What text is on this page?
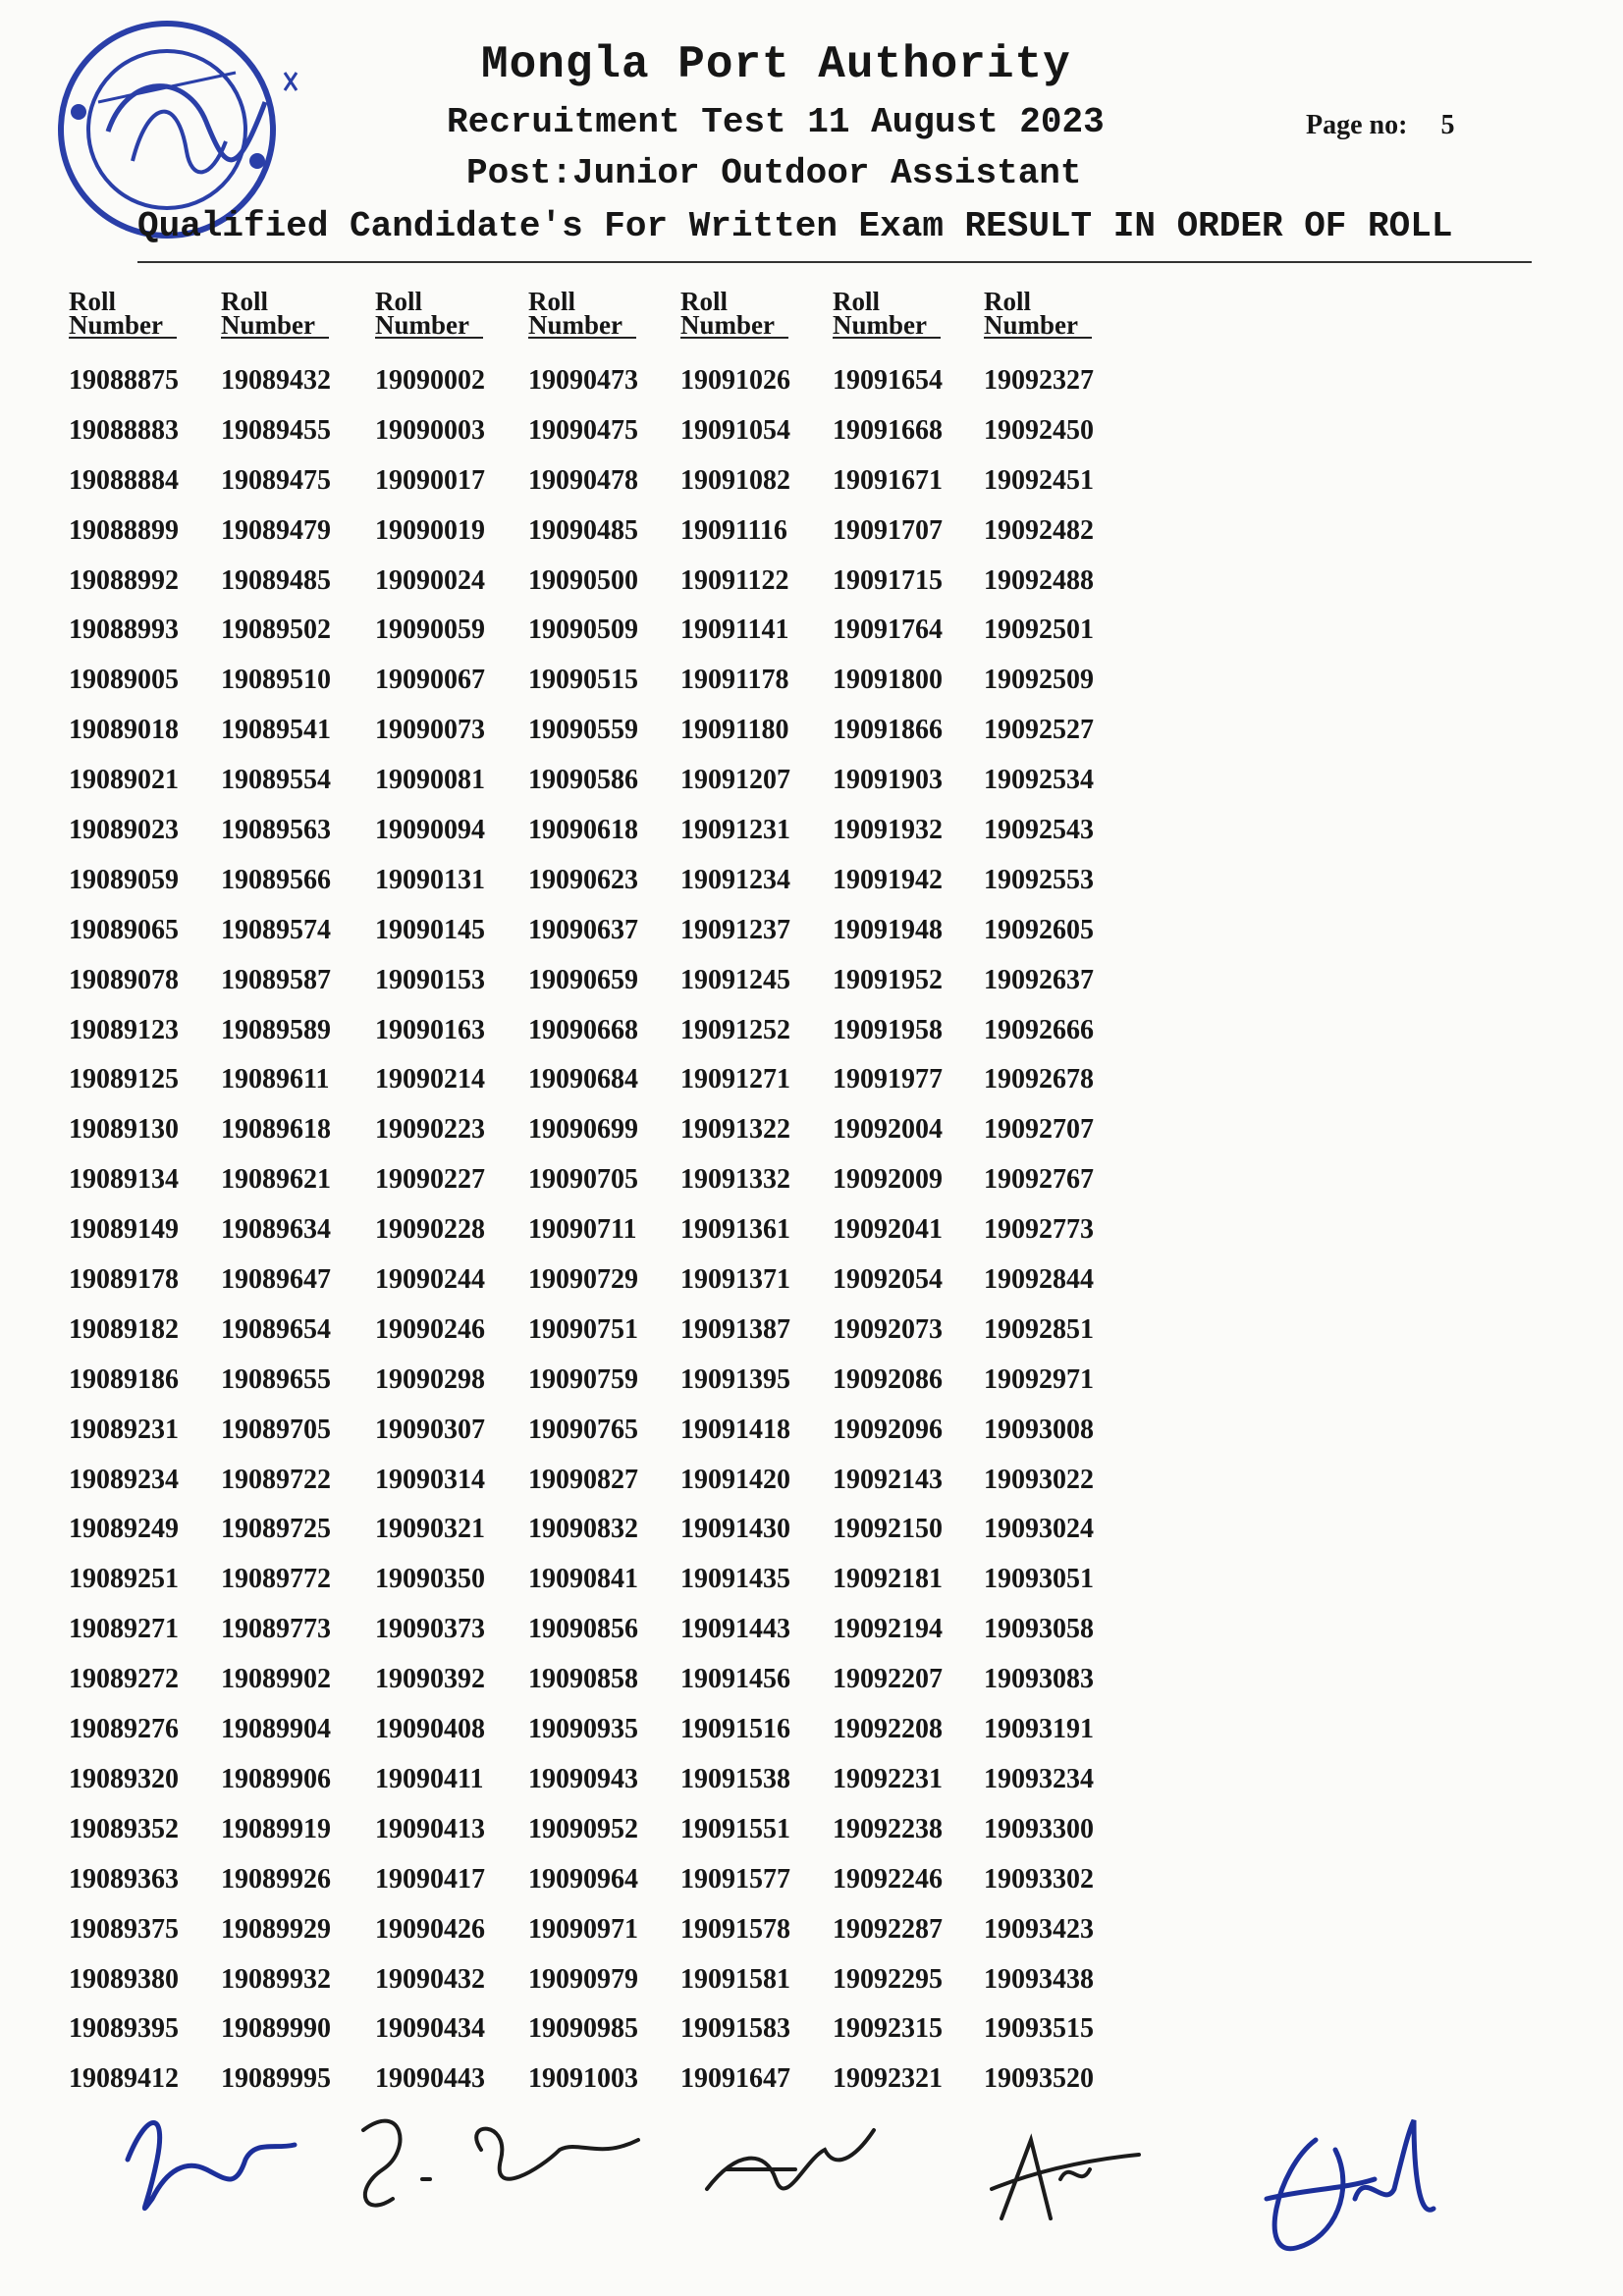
Mongla Port Authority
Recruitment Test 11 August 2023
Post:Junior Outdoor Assistant
Page no: 5
Qualified Candidate's For Written Exam RESULT IN ORDER OF ROLL
Roll
Number
19088875
19088883
19088884
19088899
19088992
19088993
19089005
19089018
19089021
19089023
19089059
19089065
19089078
19089123
19089125
19089130
19089134
19089149
19089178
19089182
19089186
19089231
19089234
19089249
19089251
19089271
19089272
19089276
19089320
19089352
19089363
19089375
19089380
19089395
19089412
Roll
Number
19089432
19089455
19089475
19089479
19089485
19089502
19089510
19089541
19089554
19089563
19089566
19089574
19089587
19089589
19089611
19089618
19089621
19089634
19089647
19089654
19089655
19089705
19089722
19089725
19089772
19089773
19089902
19089904
19089906
19089919
19089926
19089929
19089932
19089990
19089995
Roll
Number
19090002
19090003
19090017
19090019
19090024
19090059
19090067
19090073
19090081
19090094
19090131
19090145
19090153
19090163
19090214
19090223
19090227
19090228
19090244
19090246
19090298
19090307
19090314
19090321
19090350
19090373
19090392
19090408
19090411
19090413
19090417
19090426
19090432
19090434
19090443
Roll
Number
19090473
19090475
19090478
19090485
19090500
19090509
19090515
19090559
19090586
19090618
19090623
19090637
19090659
19090668
19090684
19090699
19090705
19090711
19090729
19090751
19090759
19090765
19090827
19090832
19090841
19090856
19090858
19090935
19090943
19090952
19090964
19090971
19090979
19090985
19091003
Roll
Number
19091026
19091054
19091082
19091116
19091122
19091141
19091178
19091180
19091207
19091231
19091234
19091237
19091245
19091252
19091271
19091322
19091332
19091361
19091371
19091387
19091395
19091418
19091420
19091430
19091435
19091443
19091456
19091516
19091538
19091551
19091577
19091578
19091581
19091583
19091647
Roll
Number
19091654
19091668
19091671
19091707
19091715
19091764
19091800
19091866
19091903
19091932
19091942
19091948
19091952
19091958
19091977
19092004
19092009
19092041
19092054
19092073
19092086
19092096
19092143
19092150
19092181
19092194
19092207
19092208
19092231
19092238
19092246
19092287
19092295
19092315
19092321
Roll
Number
19092327
19092450
19092451
19092482
19092488
19092501
19092509
19092527
19092534
19092543
19092553
19092605
19092637
19092666
19092678
19092707
19092767
19092773
19092844
19092851
19092971
19093008
19093022
19093024
19093051
19093058
19093083
19093191
19093234
19093300
19093302
19093423
19093438
19093515
19093520
